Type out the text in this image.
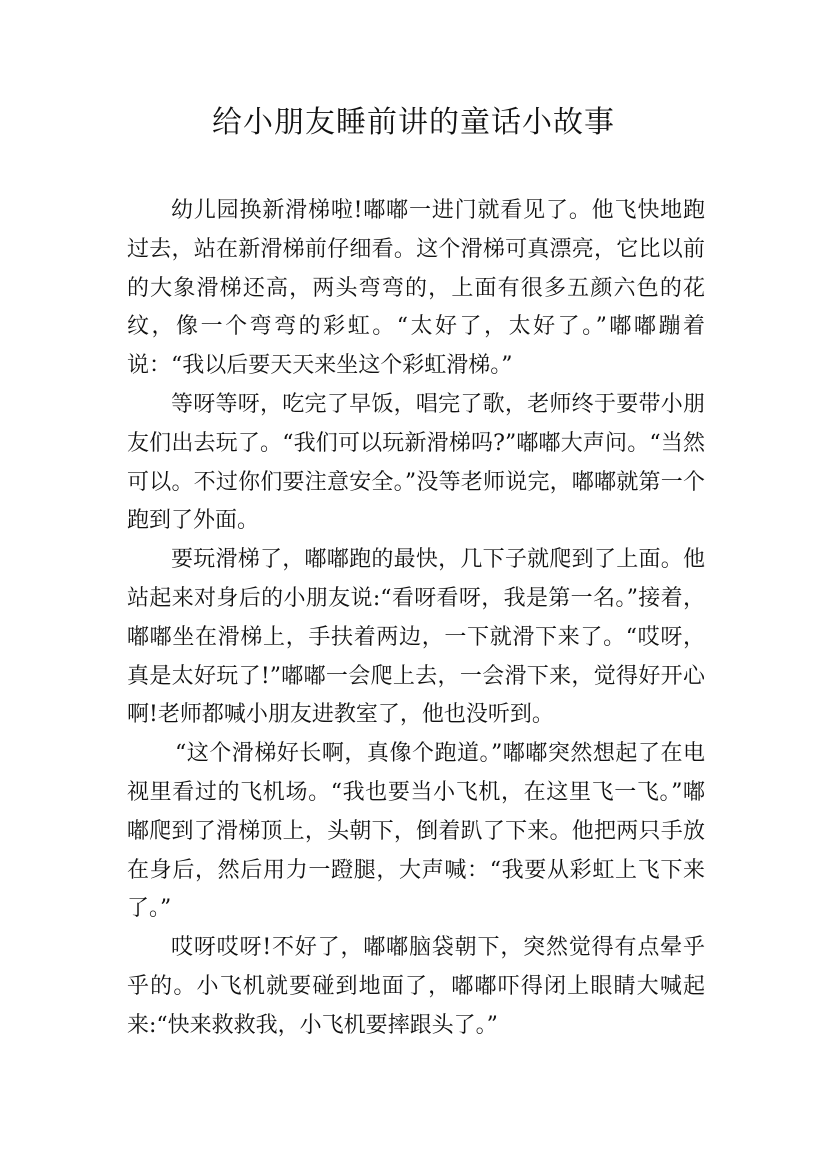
给小朋友睡前讲的童话小故事

幼儿园换新滑梯啦!嘟嘟一进门就看见了。他飞快地跑过去，站在新滑梯前仔细看。这个滑梯可真漂亮，它比以前的大象滑梯还高，两头弯弯的，上面有很多五颜六色的花纹，像一个弯弯的彩虹。“太好了，太好了。”嘟嘟蹦着说：“我以后要天天来坐这个彩虹滑梯。”

等呀等呀，吃完了早饭，唱完了歌，老师终于要带小朋友们出去玩了。“我们可以玩新滑梯吗?”嘟嘟大声问。“当然可以。不过你们要注意安全。”没等老师说完，嘟嘟就第一个跑到了外面。

要玩滑梯了，嘟嘟跑的最快，几下子就爬到了上面。他站起来对身后的小朋友说:“看呀看呀，我是第一名。”接着，嘟嘟坐在滑梯上，手扶着两边，一下就滑下来了。“哎呀，真是太好玩了!”嘟嘟一会爬上去，一会滑下来，觉得好开心啊!老师都喊小朋友进教室了，他也没听到。

“这个滑梯好长啊，真像个跑道。”嘟嘟突然想起了在电视里看过的飞机场。“我也要当小飞机，在这里飞一飞。”嘟嘟爬到了滑梯顶上，头朝下，倒着趴了下来。他把两只手放在身后，然后用力一蹬腿，大声喊：“我要从彩虹上飞下来了。”

哎呀哎呀!不好了，嘟嘟脑袋朝下，突然觉得有点晕乎乎的。小飞机就要碰到地面了，嘟嘟吓得闭上眼睛大喊起来:“快来救救我，小飞机要摔跟头了。”
